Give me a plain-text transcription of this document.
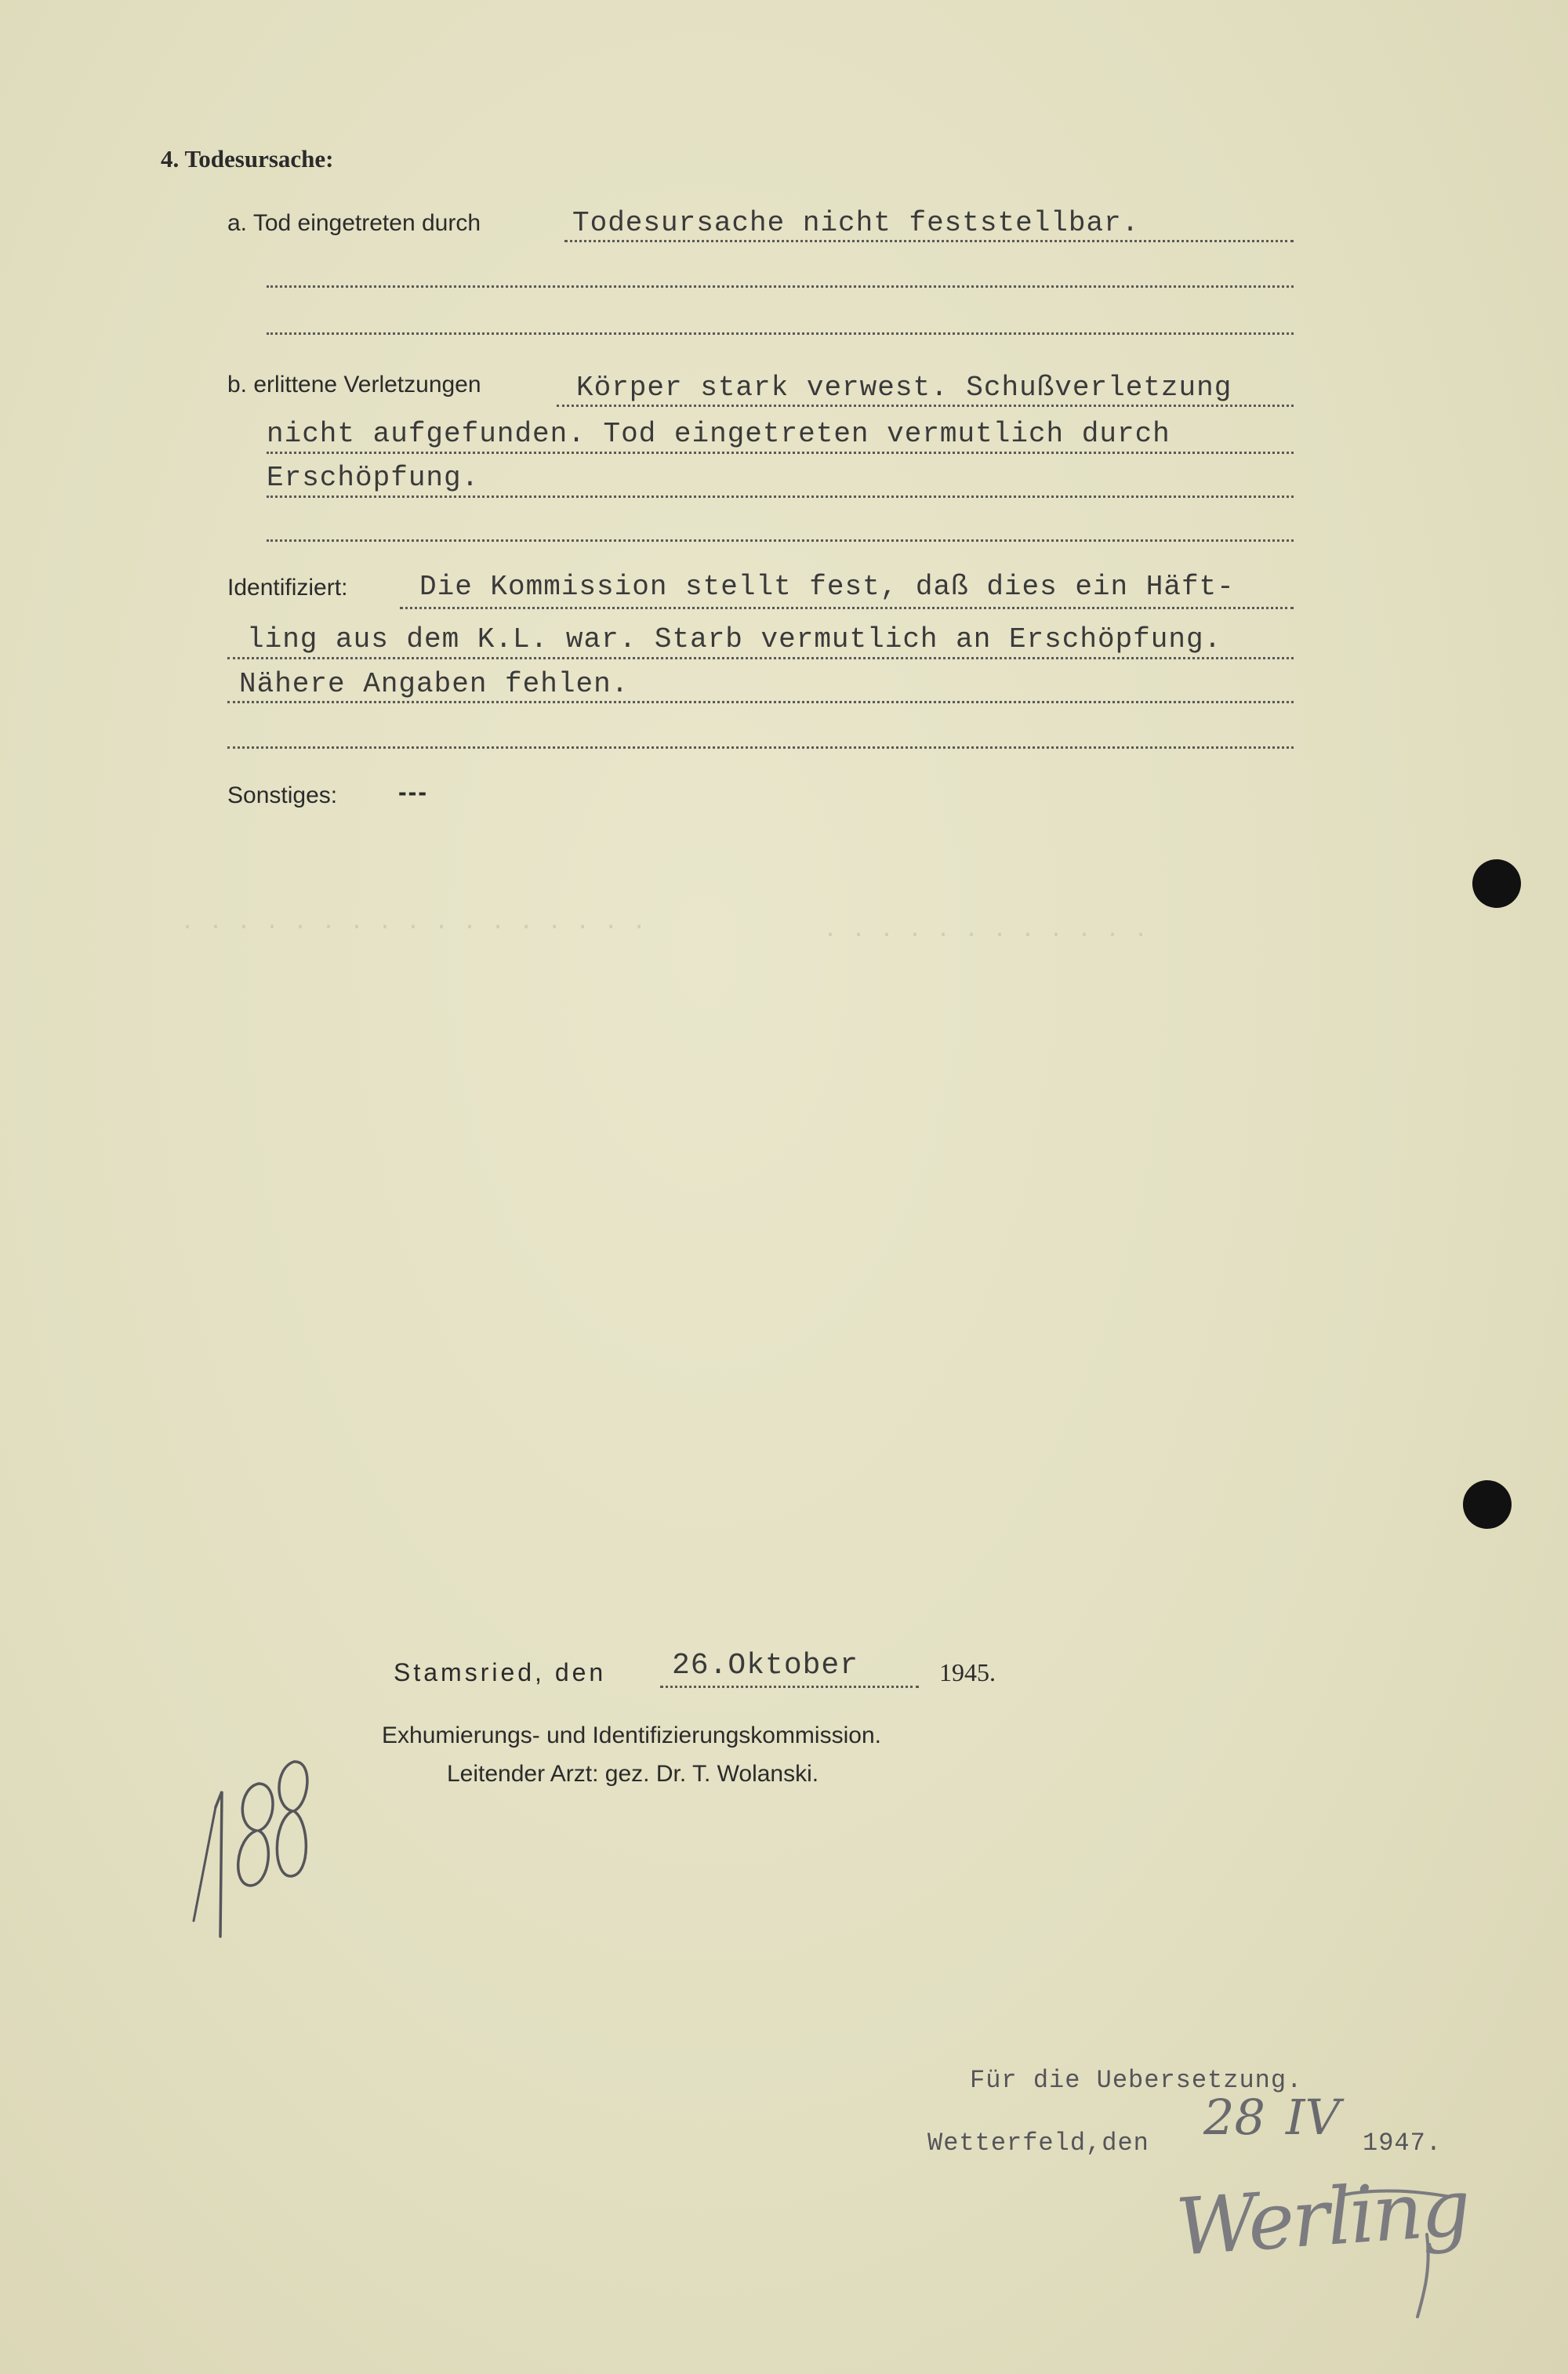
. . . . . . . . . . . . . . . . .	. . . . . . . . . . . .
4. Todesursache:
a. Tod eingetreten durch	Todesursache nicht feststellbar.
b. erlittene Verletzungen	Körper stark verwest. Schußverletzung
nicht aufgefunden. Tod eingetreten vermutlich durch
Erschöpfung.
Identifiziert:	Die Kommission stellt fest, daß dies ein Häft-
ling aus dem K.L. war. Starb vermutlich an Erschöpfung.
Nähere Angaben fehlen.
Sonstiges: ---
Stamsried, den 26.Oktober	1945.
Exhumierungs- und Identifizierungskommission.
Leitender Arzt: gez. Dr. T. Wolanski.
Für die Uebersetzung.
Wetterfeld,den 28 IV 1947.
Werling
